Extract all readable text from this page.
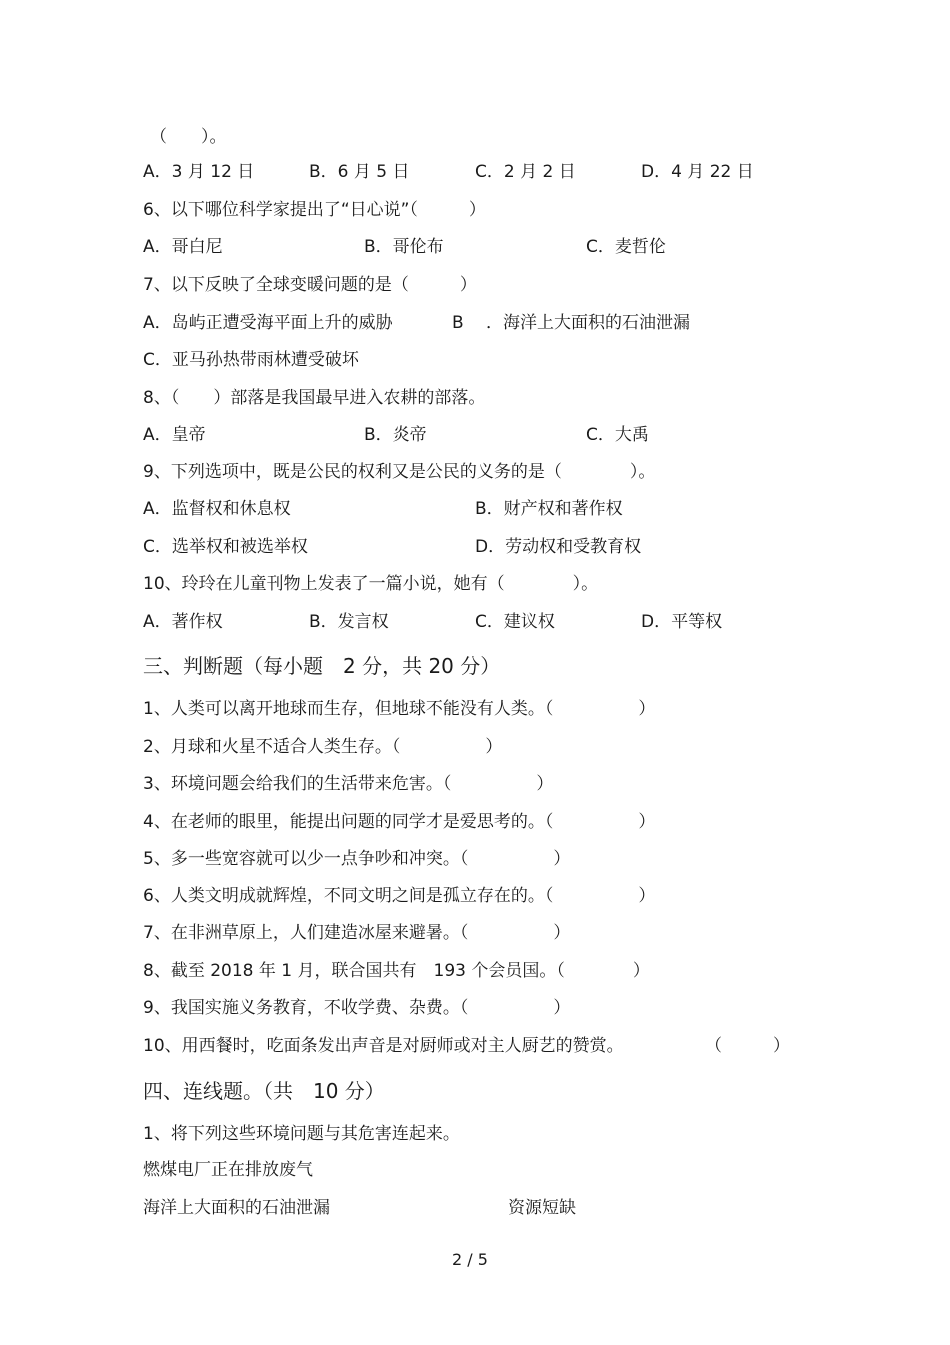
（　　）。
A．3 月 12 日	B．6 月 5 日	C．2 月 2 日	D．4 月 22 日
6、以下哪位科学家提出了“日心说”（　　　）
A．哥白尼	B．哥伦布	C．麦哲伦
7、以下反映了全球变暖问题的是（　　　）
A．岛屿正遭受海平面上升的威胁	B ．海洋上大面积的石油泄漏
C．亚马孙热带雨林遭受破坏
8、（　　）部落是我国最早进入农耕的部落。
A．皇帝	B．炎帝	C．大禹
9、下列选项中，既是公民的权利又是公民的义务的是（　　　　）。
A．监督权和休息权	B．财产权和著作权
C．选举权和被选举权	D．劳动权和受教育权
10、玲玲在儿童刊物上发表了一篇小说，她有（　　　　）。
A．著作权	B．发言权	C．建议权	D．平等权
三、判断题（每小题　2 分，共 20 分）
1、人类可以离开地球而生存，但地球不能没有人类。（　　　　　）
2、月球和火星不适合人类生存。（　　　　　）
3、环境问题会给我们的生活带来危害。（　　　　　）
4、在老师的眼里，能提出问题的同学才是爱思考的。（　　　　　）
5、多一些宽容就可以少一点争吵和冲突。（　　　　　）
6、人类文明成就辉煌，不同文明之间是孤立存在的。（　　　　　）
7、在非洲草原上，人们建造冰屋来避暑。（　　　　　）
8、截至 2018 年 1 月，联合国共有　193 个会员国。（　　　　）
9、我国实施义务教育，不收学费、杂费。（　　　　　）
10、用西餐时，吃面条发出声音是对厨师或对主人厨艺的赞赏。	（　　　）
四、连线题。（共　10 分）
1、将下列这些环境问题与其危害连起来。
燃煤电厂正在排放废气
海洋上大面积的石油泄漏	资源短缺
2 / 5
